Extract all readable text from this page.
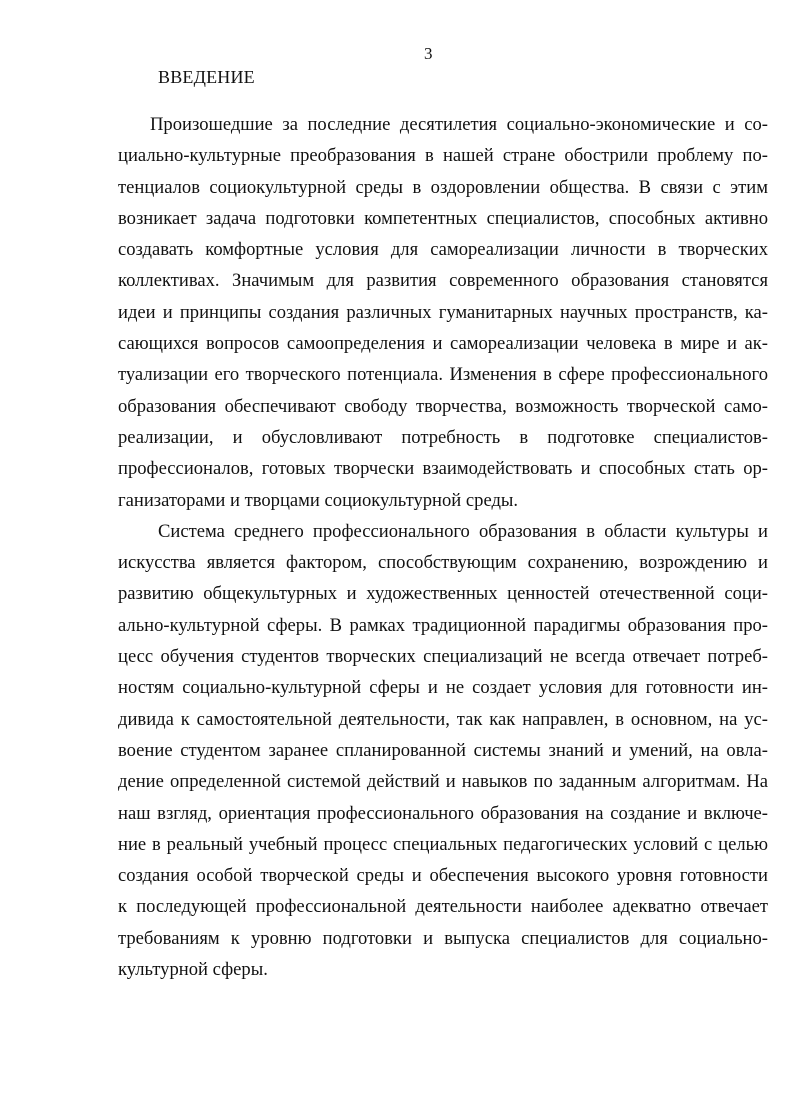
3
ВВЕДЕНИЕ
Произошедшие за последние десятилетия социально-экономические и со-
циально-культурные преобразования в нашей стране обострили проблему по-
тенциалов социокультурной среды в оздоровлении общества. В связи с этим
возникает задача подготовки компетентных специалистов, способных активно
создавать комфортные условия для самореализации личности в творческих
коллективах. Значимым для развития современного образования становятся
идеи и принципы создания различных гуманитарных научных пространств, ка-
сающихся вопросов самоопределения и самореализации человека в мире и ак-
туализации его творческого потенциала. Изменения в сфере профессионального
образования обеспечивают свободу творчества, возможность творческой само-
реализации, и обусловливают потребность в подготовке специалистов-
профессионалов, готовых творчески взаимодействовать и способных стать ор-
ганизаторами и творцами социокультурной среды.
Система среднего профессионального образования в области культуры и
искусства является фактором, способствующим сохранению, возрождению и
развитию общекультурных и художественных ценностей отечественной соци-
ально-культурной сферы. В рамках традиционной парадигмы образования про-
цесс обучения студентов творческих специализаций не всегда отвечает потреб-
ностям социально-культурной сферы и не создает условия для готовности ин-
дивида к самостоятельной деятельности, так как направлен, в основном, на ус-
воение студентом заранее спланированной системы знаний и умений, на овла-
дение определенной системой действий и навыков по заданным алгоритмам. На
наш взгляд, ориентация профессионального образования на создание и включе-
ние в реальный учебный процесс специальных педагогических условий с целью
создания особой творческой среды и обеспечения высокого уровня готовности
к последующей профессиональной деятельности наиболее адекватно отвечает
требованиям к уровню подготовки и выпуска специалистов для социально-
культурной сферы.
